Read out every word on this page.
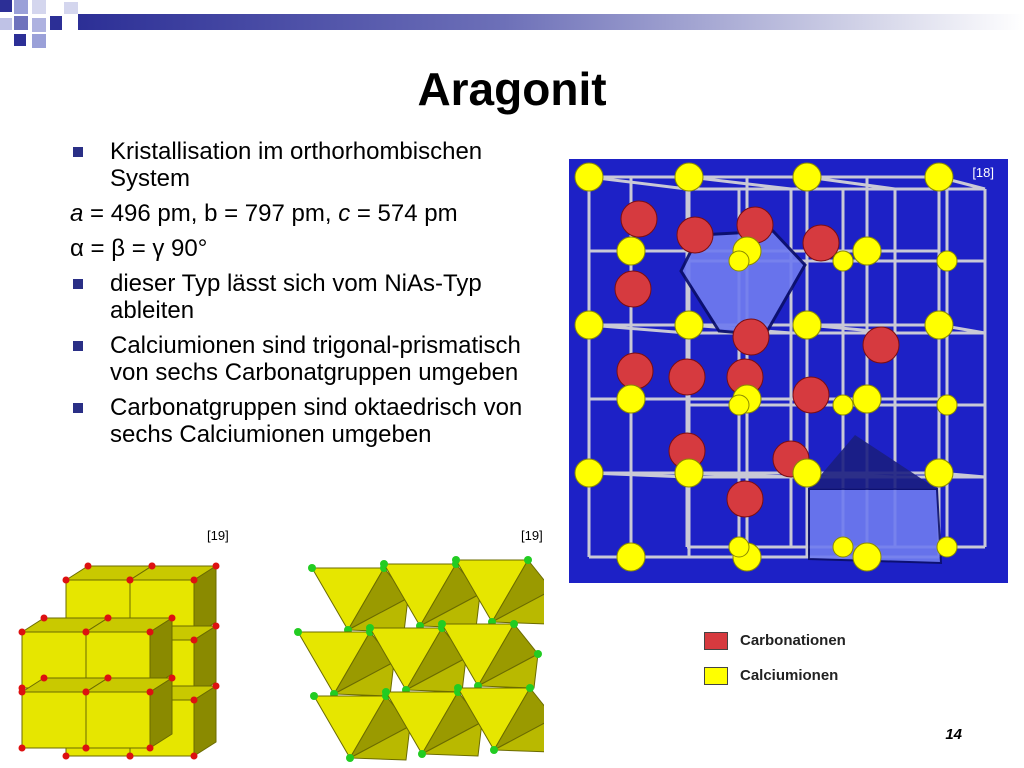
Aragonit
Kristallisation im orthorhombischen System
a = 496 pm, b = 797 pm, c = 574 pm
α = β = γ 90°
dieser Typ lässt sich vom NiAs-Typ ableiten
Calciumionen sind trigonal-prismatisch von sechs Carbonatgruppen umgeben
Carbonatgruppen sind oktaedrisch von sechs Calciumionen umgeben
[18]
[19]	[19]
Carbonationen
Calciumionen
14
